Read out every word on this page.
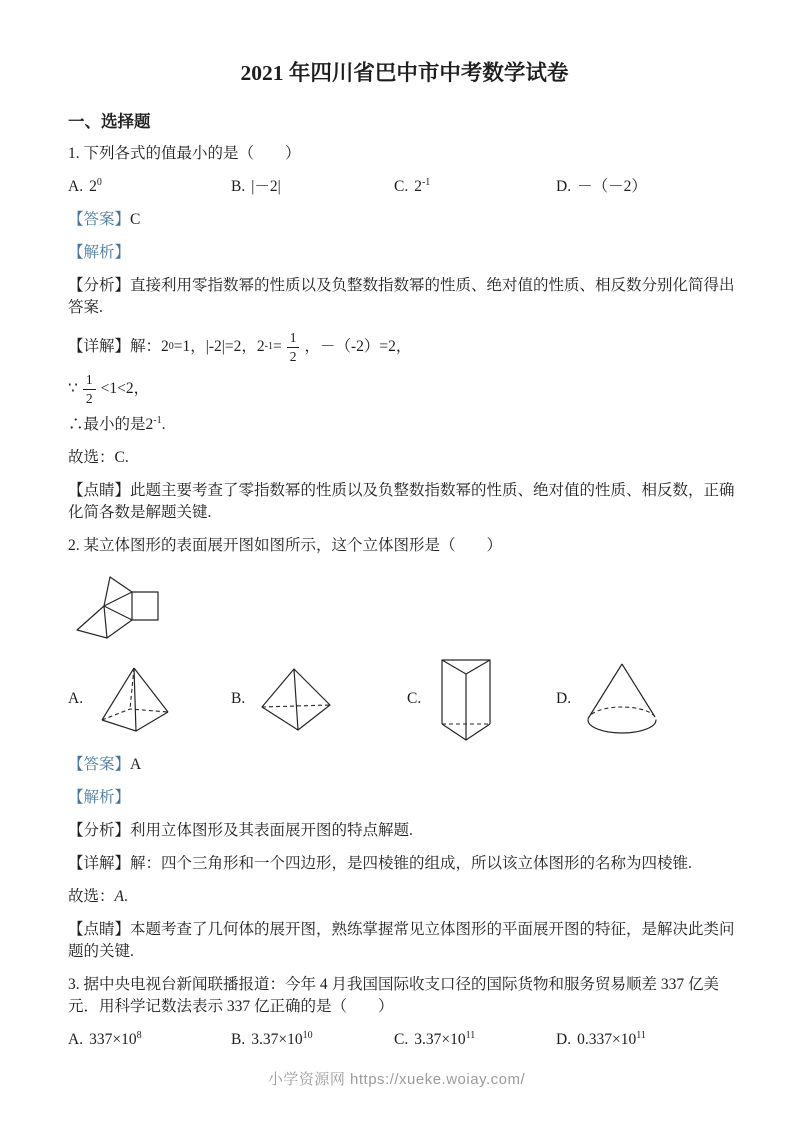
2021 年四川省巴中市中考数学试卷
一、选择题

1. 下列各式的值最小的是（　　）

A. $2^0$	B. |－2|	C. $2^{-1}$	D. －（－2）

【答案】C

【解析】

【分析】直接利用零指数幂的性质以及负整数指数幂的性质、绝对值的性质、相反数分别化简得出答案.

【详解】解：2 0 =1，|-2|=2，2 $-1 = \frac{1}{2}$ ，－（-2）=2，

∵ $\frac{1}{2} <1<2$，

∴最小的是$2^{-1}$.

故选：C.

【点睛】此题主要考查了零指数幂的性质以及负整数指数幂的性质、绝对值的性质、相反数，正确化简各数是解题关键.

2. 某立体图形的表面展开图如图所示，这个立体图形是（　　）

A.	B.	C.	D.

【答案】A

【解析】

【分析】利用立体图形及其表面展开图的特点解题.

【详解】解：四个三角形和一个四边形，是四棱锥的组成，所以该立体图形的名称为四棱锥.

故选：A.

【点睛】本题考查了几何体的展开图，熟练掌握常见立体图形的平面展开图的特征，是解决此类问题的关键.

3. 据中央电视台新闻联播报道：今年 4 月我国国际收支口径的国际货物和服务贸易顺差 337 亿美元．用科学记数法表示 337 亿正确的是（　　）

A. $337\times 10^8$	B. $3.37\times 10^{10}$	C. $3.37\times 10^{11}$	D. $0.337\times 10^{11}$
小学资源网 https://xueke.woiay.com/
